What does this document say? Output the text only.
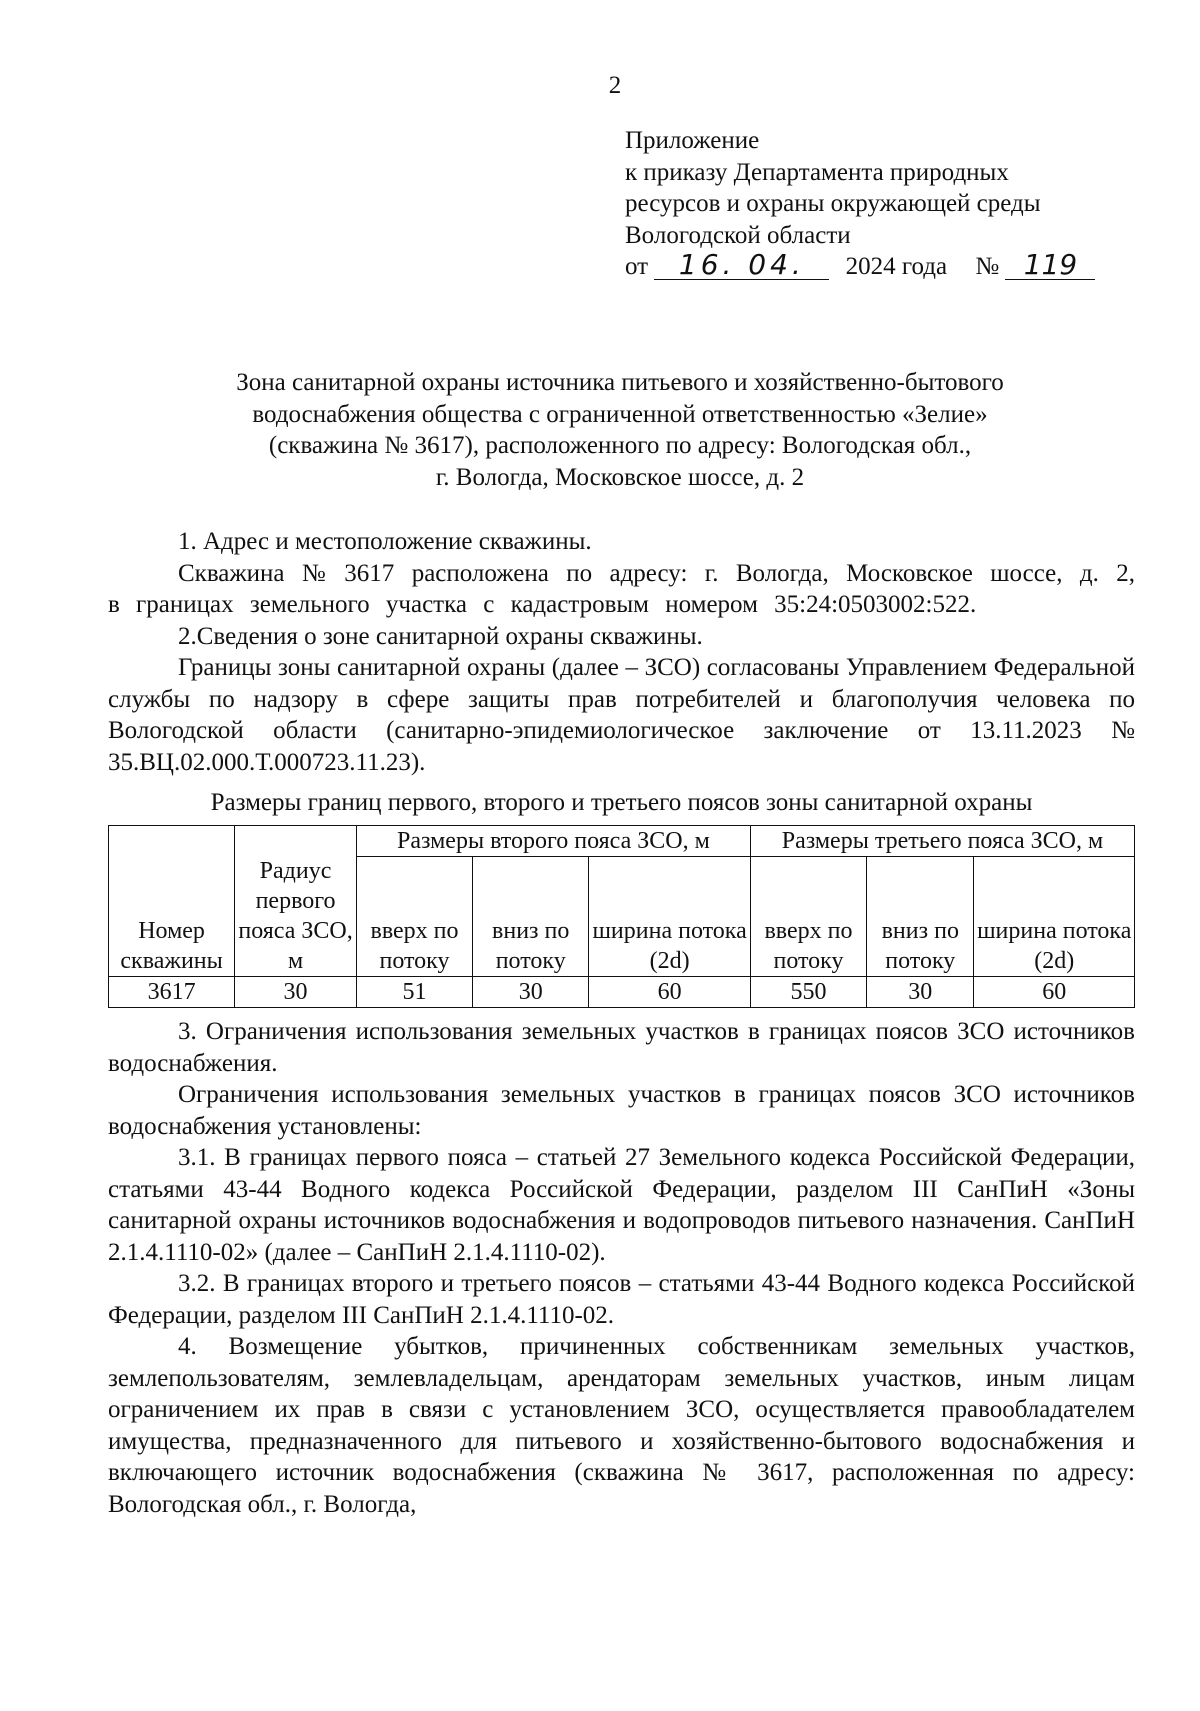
2
Приложение
к приказу Департамента природных
ресурсов и охраны окружающей среды
Вологодской области
от 16. 04. 2024 года № 119
Зона санитарной охраны источника питьевого и хозяйственно-бытового
водоснабжения общества с ограниченной ответственностью «Зелие»
(скважина № 3617), расположенного по адресу: Вологодская обл.,
г. Вологда, Московское шоссе, д. 2

1. Адрес и местоположение скважины.

Скважина № 3617 расположена по адресу: г. Вологда, Московское шоссе, д. 2, в границах земельного участка с кадастровым номером 35:24:0503002:522.

2.Сведения о зоне санитарной охраны скважины.

Границы зоны санитарной охраны (далее – ЗСО) согласованы Управлением Федеральной службы по надзору в сфере защиты прав потребителей и благополучия человека по Вологодской области (санитарно-эпидемиологическое заключение от 13.11.2023 № 35.ВЦ.02.000.Т.000723.11.23).

Размеры границ первого, второго и третьего поясов зоны санитарной охраны
		Размеры второго пояса ЗСО, м			Размеры третьего пояса ЗСО, м		

Номер скважины	Радиус первого пояса ЗСО, м	вверх по потоку	вниз по потоку	ширина потока (2d)	вверх по потоку	вниз по потоку	ширина потока (2d)
3617	30	51	30	60	550	30	60

3. Ограничения использования земельных участков в границах поясов ЗСО источников водоснабжения.

Ограничения использования земельных участков в границах поясов ЗСО источников водоснабжения установлены:

3.1. В границах первого пояса – статьей 27 Земельного кодекса Российской Федерации, статьями 43-44 Водного кодекса Российской Федерации, разделом III СанПиН «Зоны санитарной охраны источников водоснабжения и водопроводов питьевого назначения. СанПиН 2.1.4.1110-02» (далее – СанПиН 2.1.4.1110-02).

3.2. В границах второго и третьего поясов – статьями 43-44 Водного кодекса Российской Федерации, разделом III СанПиН 2.1.4.1110-02.

4. Возмещение убытков, причиненных собственникам земельных участков, землепользователям, землевладельцам, арендаторам земельных участков, иным лицам ограничением их прав в связи с установлением ЗСО, осуществляется правообладателем имущества, предназначенного для питьевого и хозяйственно-бытового водоснабжения и включающего источник водоснабжения (скважина № 3617, расположенная по адресу: Вологодская обл., г. Вологда,
